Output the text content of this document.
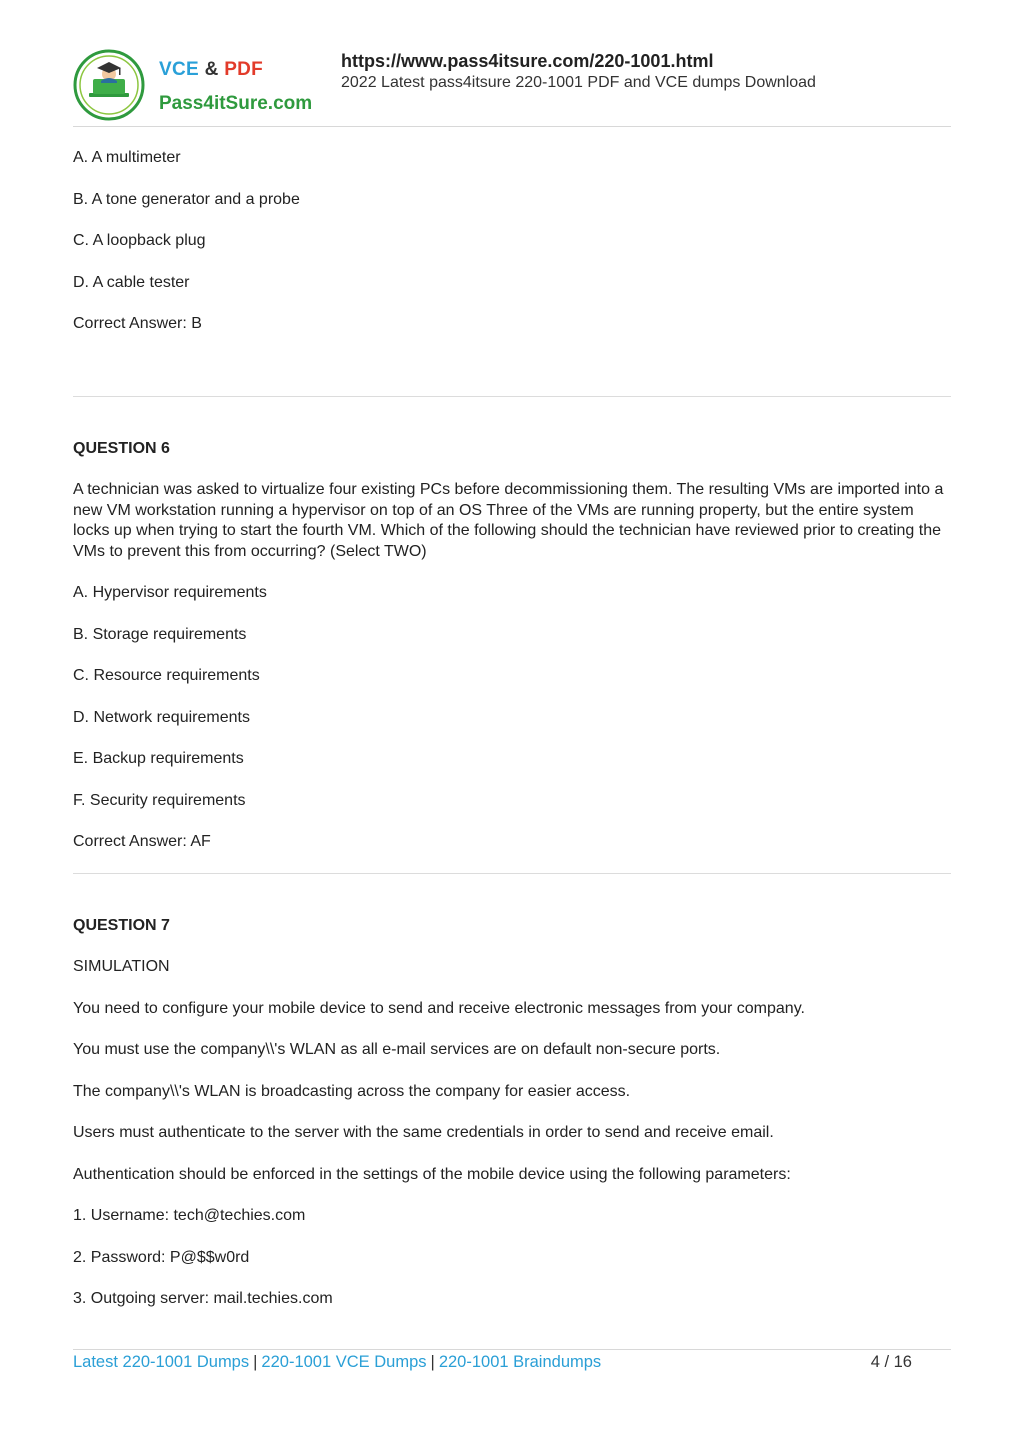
VCE & PDF
Pass4itSure.com
https://www.pass4itsure.com/220-1001.html
2022 Latest pass4itsure 220-1001 PDF and VCE dumps Download

A. A multimeter

B. A tone generator and a probe

C. A loopback plug

D. A cable tester

Correct Answer: B

QUESTION 6

A technician was asked to virtualize four existing PCs before decommissioning them. The resulting VMs are imported into a new VM workstation running a hypervisor on top of an OS Three of the VMs are running property, but the entire system locks up when trying to start the fourth VM. Which of the following should the technician have reviewed prior to creating the VMs to prevent this from occurring? (Select TWO)

A. Hypervisor requirements

B. Storage requirements

C. Resource requirements

D. Network requirements

E. Backup requirements

F. Security requirements

Correct Answer: AF

QUESTION 7

SIMULATION

You need to configure your mobile device to send and receive electronic messages from your company.

You must use the company\\'s WLAN as all e-mail services are on default non-secure ports.

The company\\'s WLAN is broadcasting across the company for easier access.

Users must authenticate to the server with the same credentials in order to send and receive email.

Authentication should be enforced in the settings of the mobile device using the following parameters:

1. Username: tech@techies.com

2. Password: P@$$w0rd

3. Outgoing server: mail.techies.com

Latest 220-1001 Dumps | 220-1001 VCE Dumps | 220-1001 Braindumps	4 / 16
